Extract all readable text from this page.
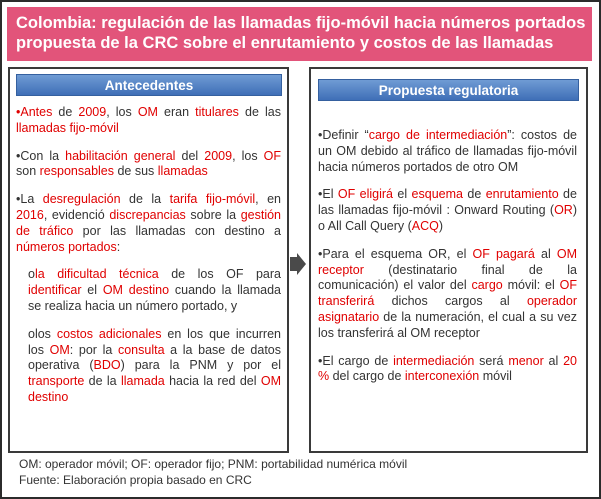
Colombia: regulación de las llamadas fijo-móvil hacia números portados
propuesta de la CRC sobre el enrutamiento y costos de las llamadas
Antecedentes

•Antes de 2009, los OM eran titulares de las llamadas fijo-móvil

•Con la habilitación general del 2009, los OF son responsables de sus llamadas

•La desregulación de la tarifa fijo-móvil, en 2016, evidenció discrepancias sobre la gestión de tráfico por las llamadas con destino a números portados:

ola dificultad técnica de los OF para identificar el OM destino cuando la llamada se realiza hacia un número portado, y

olos costos adicionales en los que incurren los OM: por la consulta a la base de datos operativa (BDO) para la PNM y por el transporte de la llamada hacia la red del OM destino

Propuesta regulatoria

•Definir “cargo de intermediación”: costos de un OM debido al tráfico de llamadas fijo-móvil hacia números portados de otro OM

•El OF eligirá el esquema de enrutamiento de las llamadas fijo-móvil : Onward Routing (OR) o All Call Query (ACQ)

•Para el esquema OR, el OF pagará al OM receptor (destinatario final de la comunicación) el valor del cargo móvil: el OF transferirá dichos cargos al operador asignatario de la numeración, el cual a su vez los transferirá al OM receptor

•El cargo de intermediación será menor al 20 % del cargo de interconexión móvil

OM: operador móvil; OF: operador fijo; PNM: portabilidad numérica móvil
Fuente: Elaboración propia basado en CRC
